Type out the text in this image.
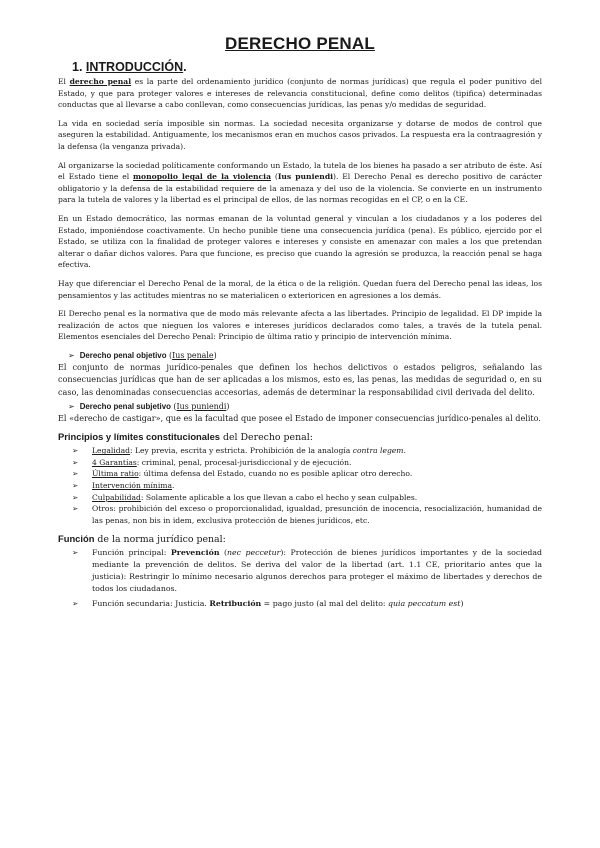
DERECHO PENAL
1. INTRODUCCIÓN.

El derecho penal es la parte del ordenamiento jurídico (conjunto de normas jurídicas) que regula el poder punitivo del Estado, y que para proteger valores e intereses de relevancia constitucional, define como delitos (tipifica) determinadas conductas que al llevarse a cabo conllevan, como consecuencias jurídicas, las penas y/o medidas de seguridad.

La vida en sociedad sería imposible sin normas. La sociedad necesita organizarse y dotarse de modos de control que aseguren la estabilidad. Antiguamente, los mecanismos eran en muchos casos privados. La respuesta era la contraagresión y la defensa (la venganza privada).

Al organizarse la sociedad políticamente conformando un Estado, la tutela de los bienes ha pasado a ser atributo de éste. Así el Estado tiene el monopolio legal de la violencia (Ius puniendi). El Derecho Penal es derecho positivo de carácter obligatorio y la defensa de la estabilidad requiere de la amenaza y del uso de la violencia. Se convierte en un instrumento para la tutela de valores y la libertad es el principal de ellos, de las normas recogidas en el CP, o en la CE.

En un Estado democrático, las normas emanan de la voluntad general y vinculan a los ciudadanos y a los poderes del Estado, imponiéndose coactivamente. Un hecho punible tiene una consecuencia jurídica (pena). Es público, ejercido por el Estado, se utiliza con la finalidad de proteger valores e intereses y consiste en amenazar con males a los que pretendan alterar o dañar dichos valores. Para que funcione, es preciso que cuando la agresión se produzca, la reacción penal se haga efectiva.

Hay que diferenciar el Derecho Penal de la moral, de la ética o de la religión. Quedan fuera del Derecho penal las ideas, los pensamientos y las actitudes mientras no se materialicen o exterioricen en agresiones a los demás.

El Derecho penal es la normativa que de modo más relevante afecta a las libertades. Principio de legalidad. El DP impide la realización de actos que nieguen los valores e intereses jurídicos declarados como tales, a través de la tutela penal. Elementos esenciales del Derecho Penal: Principio de última ratio y principio de intervención mínima.

➢ Derecho penal objetivo (Ius penale)

El conjunto de normas jurídico-penales que definen los hechos delictivos o estados peligros, señalando las consecuencias jurídicas que han de ser aplicadas a los mismos, esto es, las penas, las medidas de seguridad o, en su caso, las denominadas consecuencias accesorias, además de determinar la responsabilidad civil derivada del delito.

➢ Derecho penal subjetivo (Ius puniendi)

El «derecho de castigar», que es la facultad que posee el Estado de imponer consecuencias jurídico-penales al delito.

Principios y límites constitucionales del Derecho penal:
➢ Legalidad: Ley previa, escrita y estricta. Prohibición de la analogía contra legem.
➢ 4 Garantías: criminal, penal, procesal-jurisdiccional y de ejecución.
➢ Última ratio: última defensa del Estado, cuando no es posible aplicar otro derecho.
➢ Intervención mínima.
➢ Culpabilidad: Solamente aplicable a los que llevan a cabo el hecho y sean culpables.
➢ Otros: prohibición del exceso o proporcionalidad, igualdad, presunción de inocencia, resocialización, humanidad de las penas, non bis in idem, exclusiva protección de bienes jurídicos, etc.
Función de la norma jurídico penal:
➢ Función principal: Prevención (nec peccetur): Protección de bienes jurídicos importantes y de la sociedad mediante la prevención de delitos. Se deriva del valor de la libertad (art. 1.1 CE, prioritario antes que la justicia): Restringir lo mínimo necesario algunos derechos para proteger el máximo de libertades y derechos de todos los ciudadanos.
➢ Función secundaria: Justicia. Retribución = pago justo (al mal del delito: quia peccatum est)
